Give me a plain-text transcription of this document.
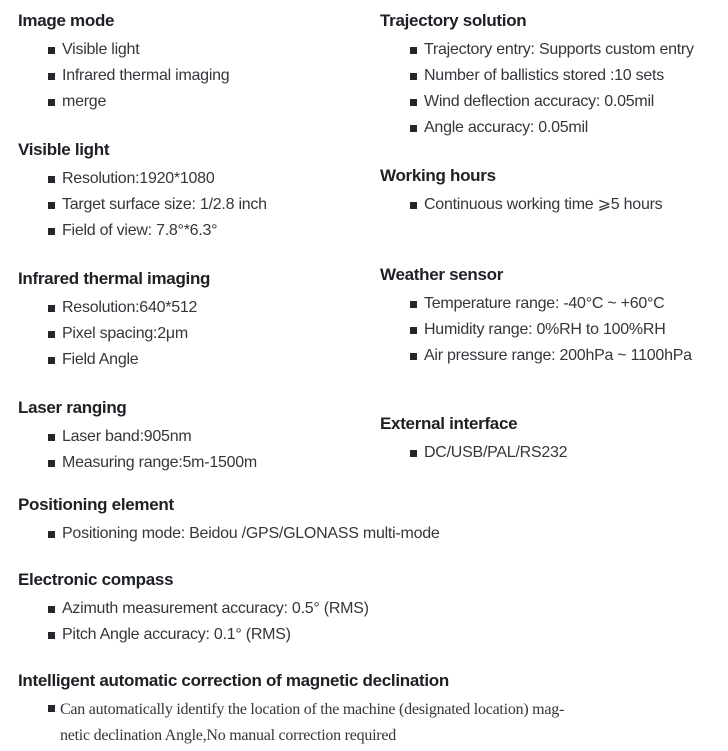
Image mode
Visible light
Infrared thermal imaging
merge
Visible light
Resolution:1920*1080
Target surface size: 1/2.8 inch
Field of view: 7.8°*6.3°
Infrared thermal imaging
Resolution:640*512
Pixel spacing:2μm
Field Angle
Laser ranging
Laser band:905nm
Measuring range:5m-1500m
Trajectory solution
Trajectory entry: Supports custom entry
Number of ballistics stored :10 sets
Wind deflection accuracy: 0.05mil
Angle accuracy: 0.05mil
Working hours
Continuous working time ⩾5 hours
Weather sensor
Temperature range: -40°C ~ +60°C
Humidity range: 0%RH to 100%RH
Air pressure range: 200hPa ~ 1100hPa
External interface
DC/USB/PAL/RS232
Positioning element
Positioning mode: Beidou /GPS/GLONASS multi-mode
Electronic compass
Azimuth measurement accuracy: 0.5° (RMS)
Pitch Angle accuracy: 0.1° (RMS)
Intelligent automatic correction of magnetic declination
Can automatically identify the location of the machine (designated location) mag-
netic declination Angle,No manual correction required
